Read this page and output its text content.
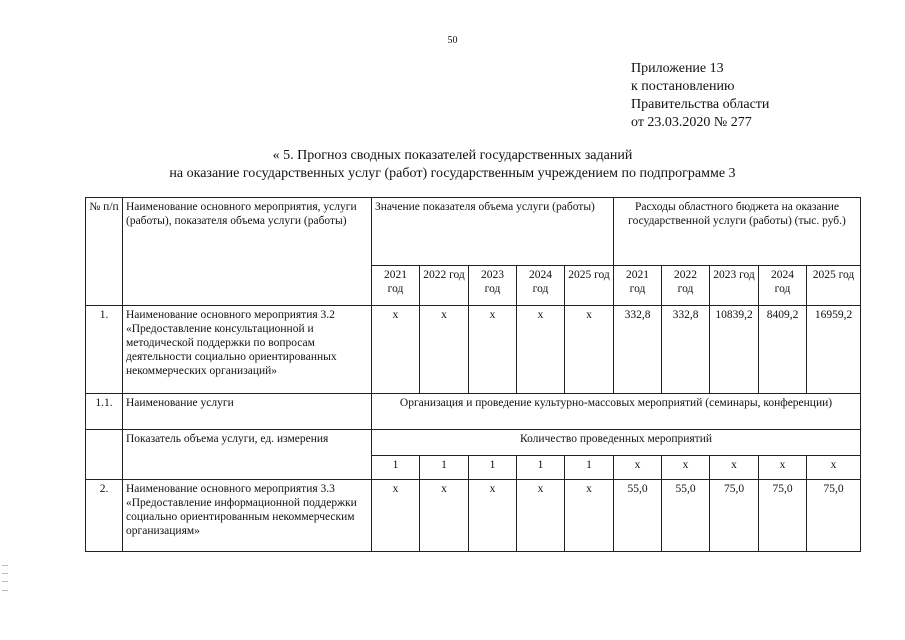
50
Приложение 13
к постановлению
Правительства области
от 23.03.2020 № 277
« 5. Прогноз сводных показателей государственных заданий
на оказание государственных услуг (работ) государственным учреждением по подпрограмме 3
№ п/п	Наименование основного мероприятия, услуги (работы), показателя объема услуги (работы)	Значение показателя объема услуги (работы)					Расходы областного бюджета на оказание государственной услуги (работы) (тыс. руб.)				
		2021 год	2022 год	2023 год	2024 год	2025 год	2021 год	2022 год	2023 год	2024 год	2025 год
1.	Наименование основного мероприятия 3.2 «Предоставление консультационной и методической поддержки по вопросам деятельности социально ориентированных некоммерческих организаций»	x	x	x	x	x	332,8	332,8	10839,2	8409,2	16959,2
1.1.	Наименование услуги	Организация и проведение культурно-массовых мероприятий (семинары, конференции)									
	Показатель объема услуги, ед. измерения	Количество проведенных мероприятий									
		1	1	1	1	1	x	x	x	x	x
2.	Наименование основного мероприятия 3.3 «Предоставление информационной поддержки социально ориентированным некоммерческим организациям»	x	x	x	x	x	55,0	55,0	75,0	75,0	75,0
